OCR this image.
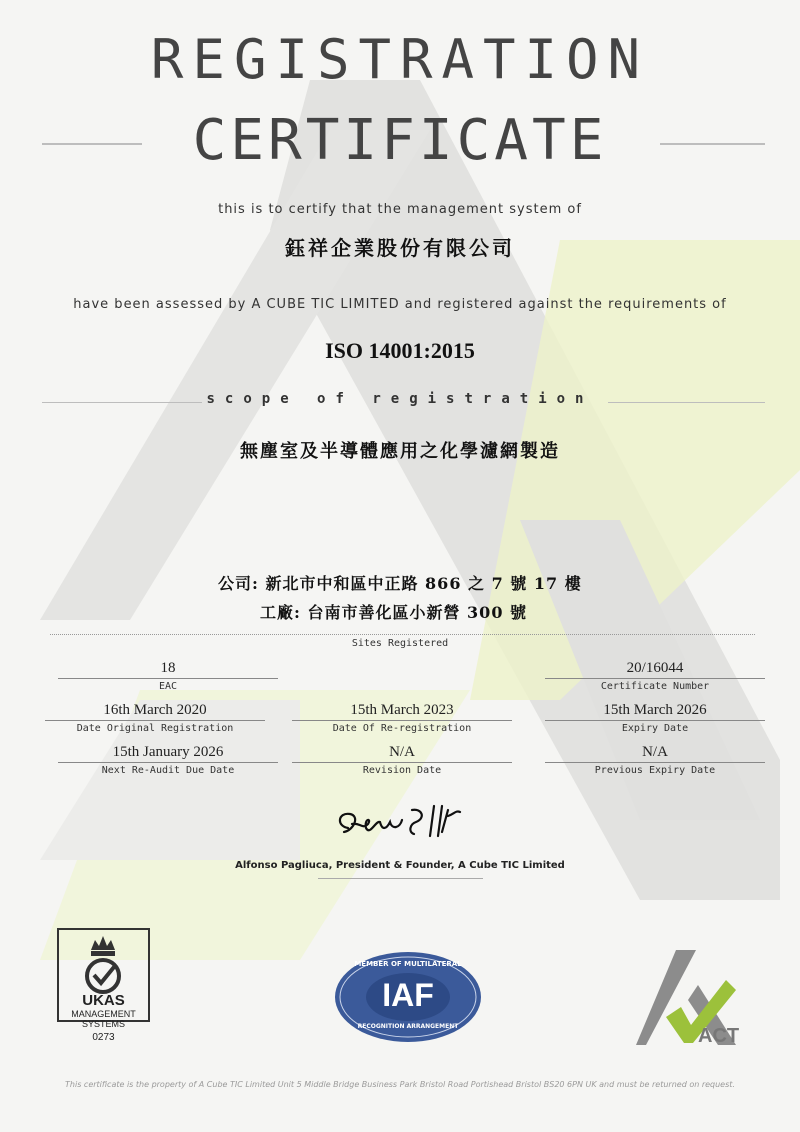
REGISTRATION
CERTIFICATE
this is to certify that the management system of
鈺祥企業股份有限公司
have been assessed by A CUBE TIC LIMITED and registered against the requirements of
ISO 14001:2015
scope of registration
無塵室及半導體應用之化學濾網製造
公司: 新北市中和區中正路 866 之 7 號 17 樓
工廠: 台南市善化區小新營 300 號
Sites Registered
18
EAC
20/16044
Certificate Number
16th March 2020
Date Original Registration
15th March 2023
Date Of Re-registration
15th March 2026
Expiry Date
15th January 2026
Next Re-Audit Due Date
N/A
Revision Date
N/A
Previous Expiry Date
Alfonso Pagliuca, President & Founder, A Cube TIC Limited
UKAS
MANAGEMENT
SYSTEMS
0273
MEMBER OF MULTILATERAL
IAF
RECOGNITION ARRANGEMENT	ACT
This certificate is the property of A Cube TIC Limited Unit 5 Middle Bridge Business Park Bristol Road Portishead Bristol BS20 6PN UK and must be returned on request.
